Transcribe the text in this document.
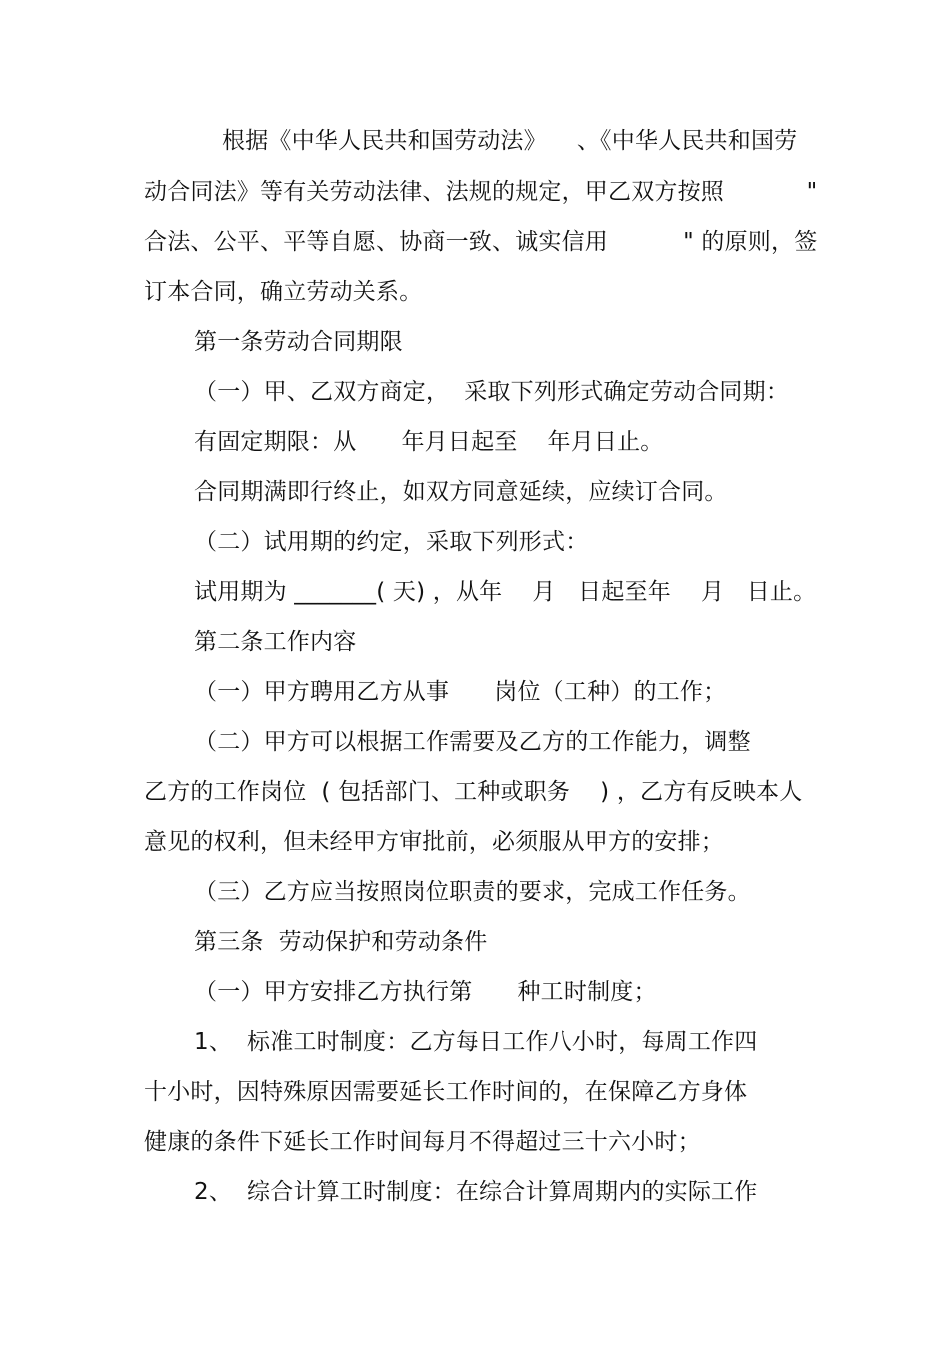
根据《中华人民共和国劳动法》    、《中华人民共和国劳
动合同法》等有关劳动法律、法规的规定，甲乙双方按照           "
合法、公平、平等自愿、协商一致、诚实信用          " 的原则，签
订本合同，确立劳动关系。
第一条劳动合同期限
（一）甲、乙双方商定，  采取下列形式确定劳动合同期：
有固定期限：从      年月日起至    年月日止。
合同期满即行终止，如双方同意延续，应续订合同。
（二）试用期的约定，采取下列形式：
试用期为 _______( 天) ，从年    月   日起至年    月   日止。
第二条工作内容
（一）甲方聘用乙方从事      岗位（工种）的工作；
（二）甲方可以根据工作需要及乙方的工作能力，调整
乙方的工作岗位  ( 包括部门、工种或职务    ) ，乙方有反映本人
意见的权利，但未经甲方审批前，必须服从甲方的安排；
（三）乙方应当按照岗位职责的要求，完成工作任务。
第三条  劳动保护和劳动条件
（一）甲方安排乙方执行第      种工时制度；
1、  标准工时制度：乙方每日工作八小时，每周工作四
十小时，因特殊原因需要延长工作时间的，在保障乙方身体
健康的条件下延长工作时间每月不得超过三十六小时；
2、  综合计算工时制度：在综合计算周期内的实际工作
